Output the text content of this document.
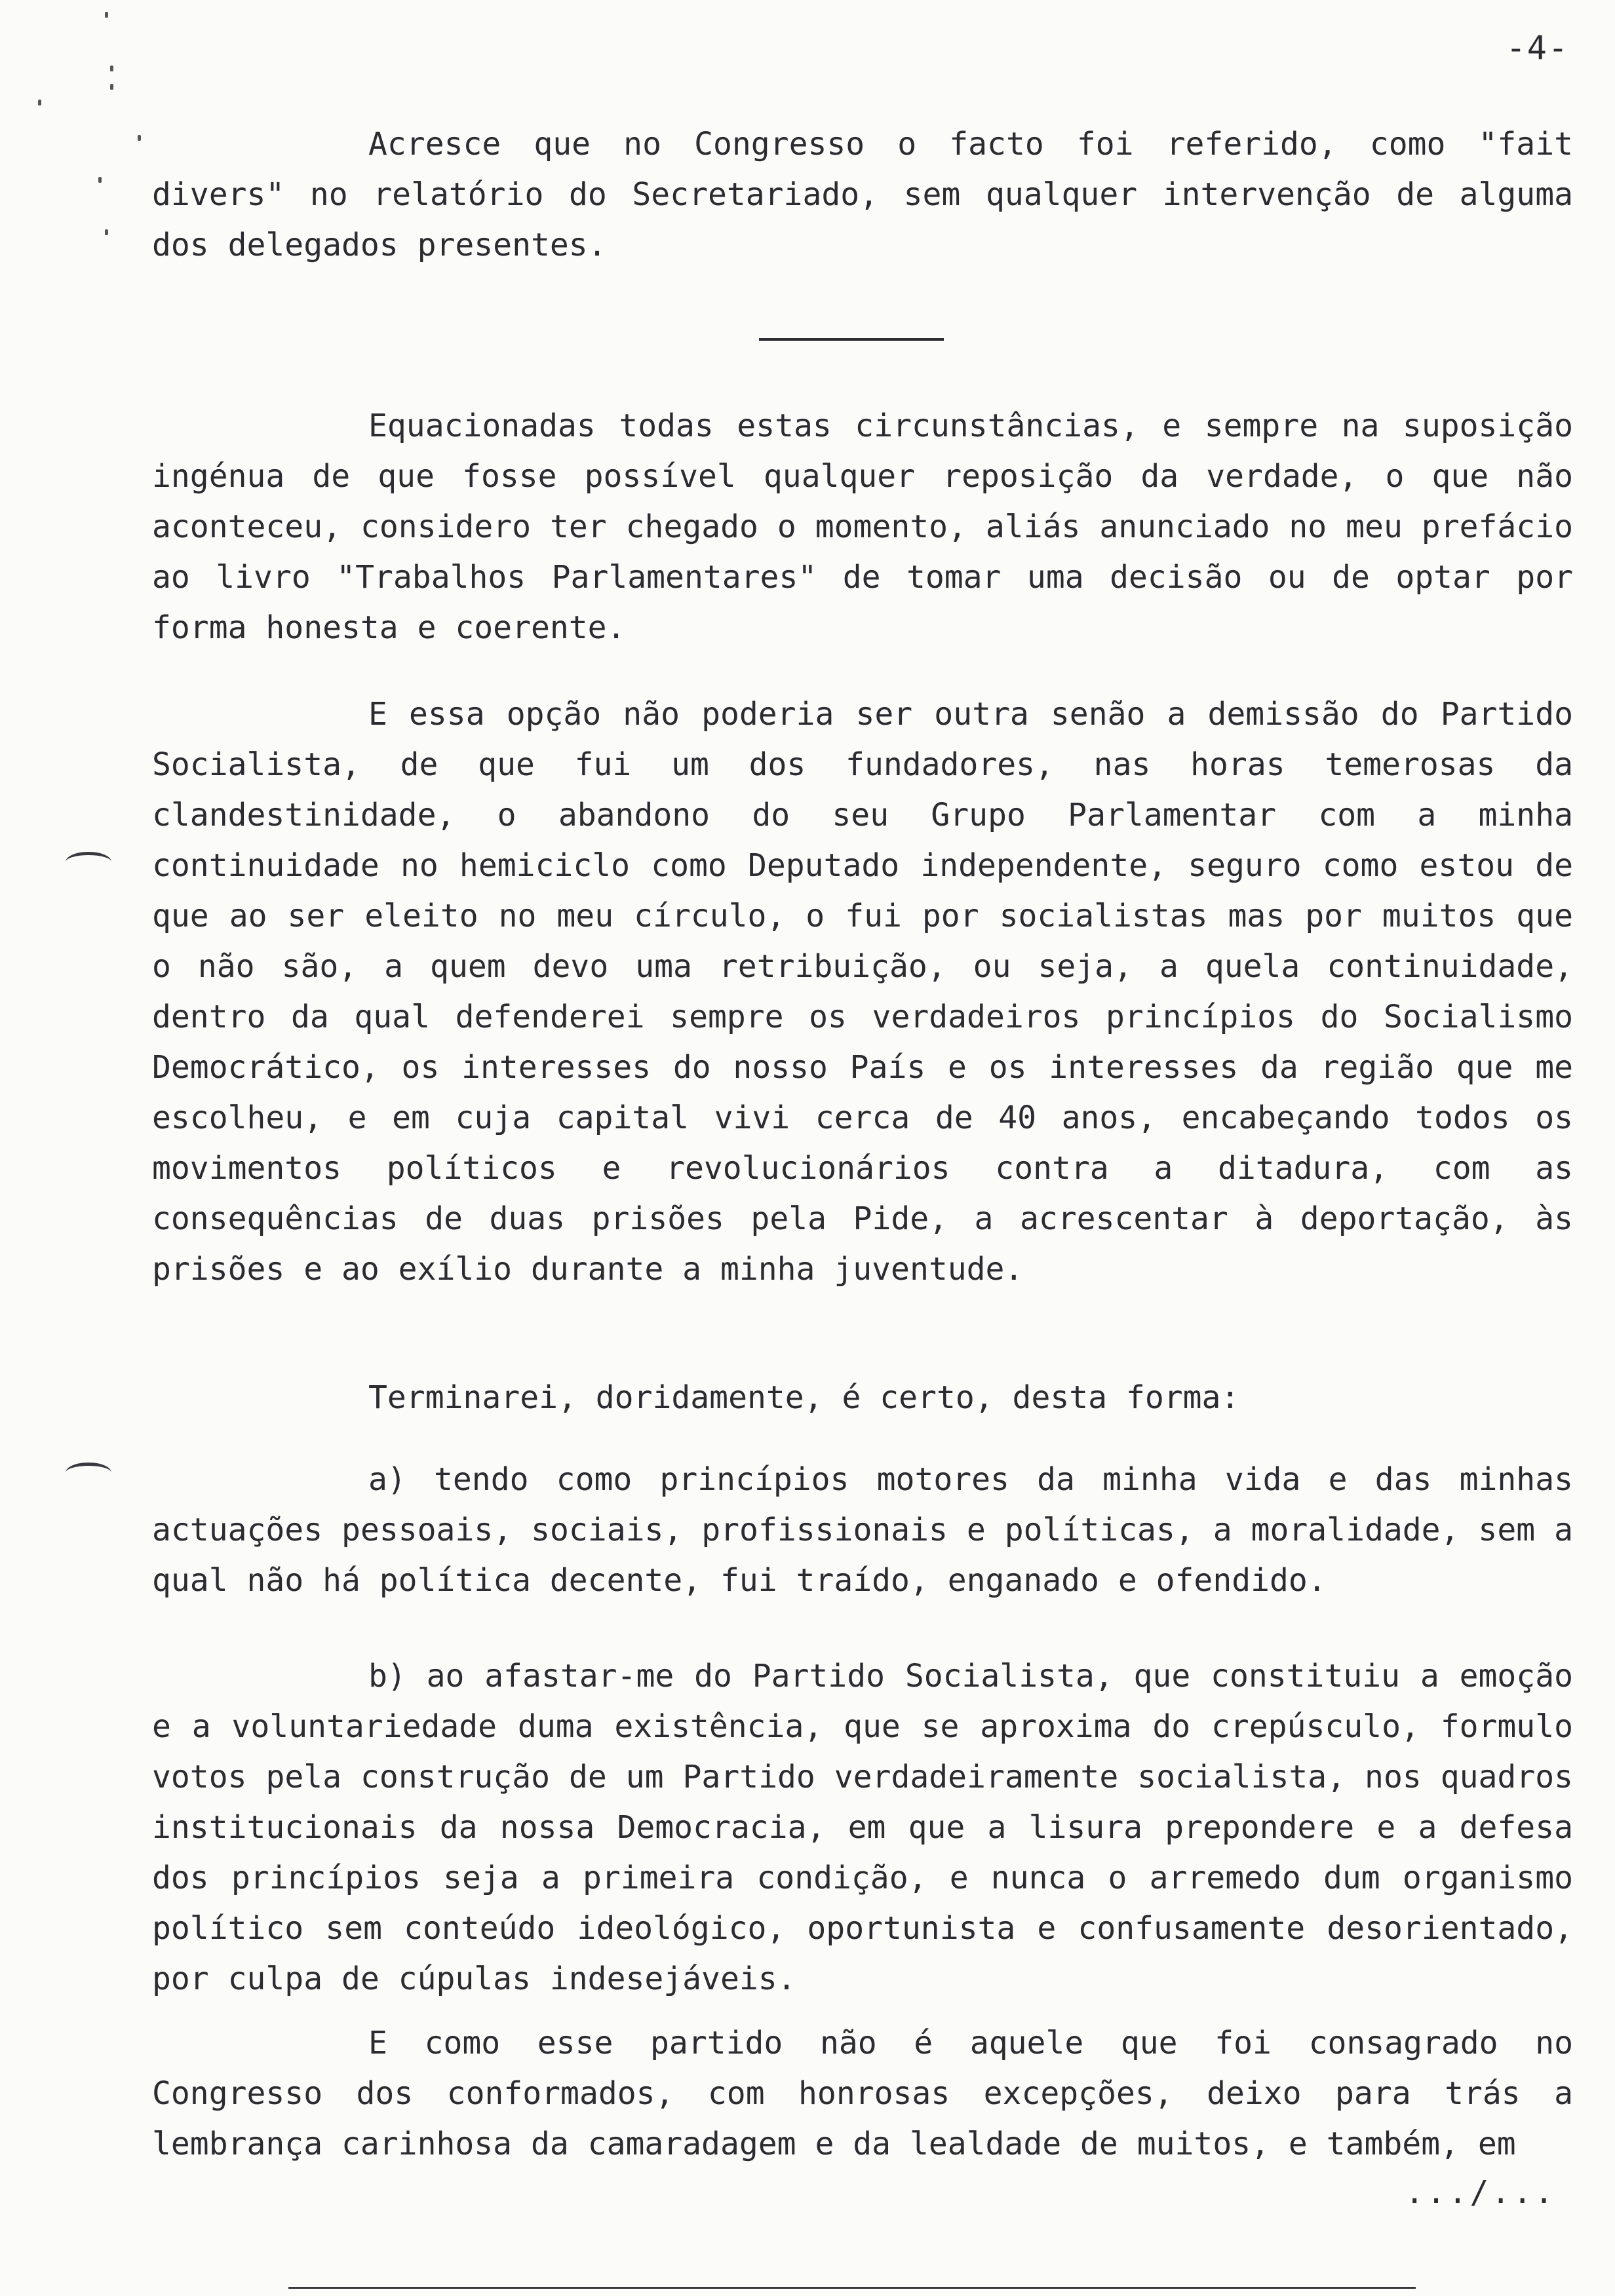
-4-

Acresce que no Congresso o facto foi referido, como "fait divers" no relatório do Secretariado, sem qualquer intervenção de alguma dos delegados presentes.

Equacionadas todas estas circunstâncias, e sempre na suposição ingénua de que fosse possível qualquer reposição da verdade, o que não aconteceu, considero ter chegado o momento, aliás anunciado no meu prefácio ao livro "Trabalhos Parlamentares" de tomar uma decisão ou de optar por forma honesta e coerente.

E essa opção não poderia ser outra senão a demissão do Partido Socialista, de que fui um dos fundadores, nas horas temerosas da clandestinidade, o abandono do seu Grupo Parlamentar com a minha continuidade no hemiciclo como Deputado independente, seguro como estou de que ao ser eleito no meu círculo, o fui por socialistas mas por muitos que o não são, a quem devo uma retribuição, ou seja, a quela continuidade, dentro da qual defenderei sempre os verdadeiros princípios do Socialismo Democrático, os interesses do nosso País e os interesses da região que me escolheu, e em cuja capital vivi cerca de 40 anos, encabeçando todos os movimentos políticos e revolucionários contra a ditadura, com as consequências de duas prisões pela Pide, a acrescentar à deportação, às prisões e ao exílio durante a minha juventude.

Terminarei, doridamente, é certo, desta forma:

a) tendo como princípios motores da minha vida e das minhas actuações pessoais, sociais, profissionais e políticas, a moralidade, sem a qual não há política decente, fui traído, enganado e ofendido.

b) ao afastar-me do Partido Socialista, que constituiu a emoção e a voluntariedade duma existência, que se aproxima do crepúsculo, formulo votos pela construção de um Partido verdadeiramente socialista, nos quadros institucionais da nossa Democracia, em que a lisura prepondere e a defesa dos princípios seja a primeira condição, e nunca o arremedo dum organismo político sem conteúdo ideológico, oportunista e confusamente desorientado, por culpa de cúpulas indesejáveis.

E como esse partido não é aquele que foi consagrado no Congresso dos conformados, com honrosas excepções, deixo para trás a lembrança carinhosa da camaradagem e da lealdade de muitos, e também, em

.../...
